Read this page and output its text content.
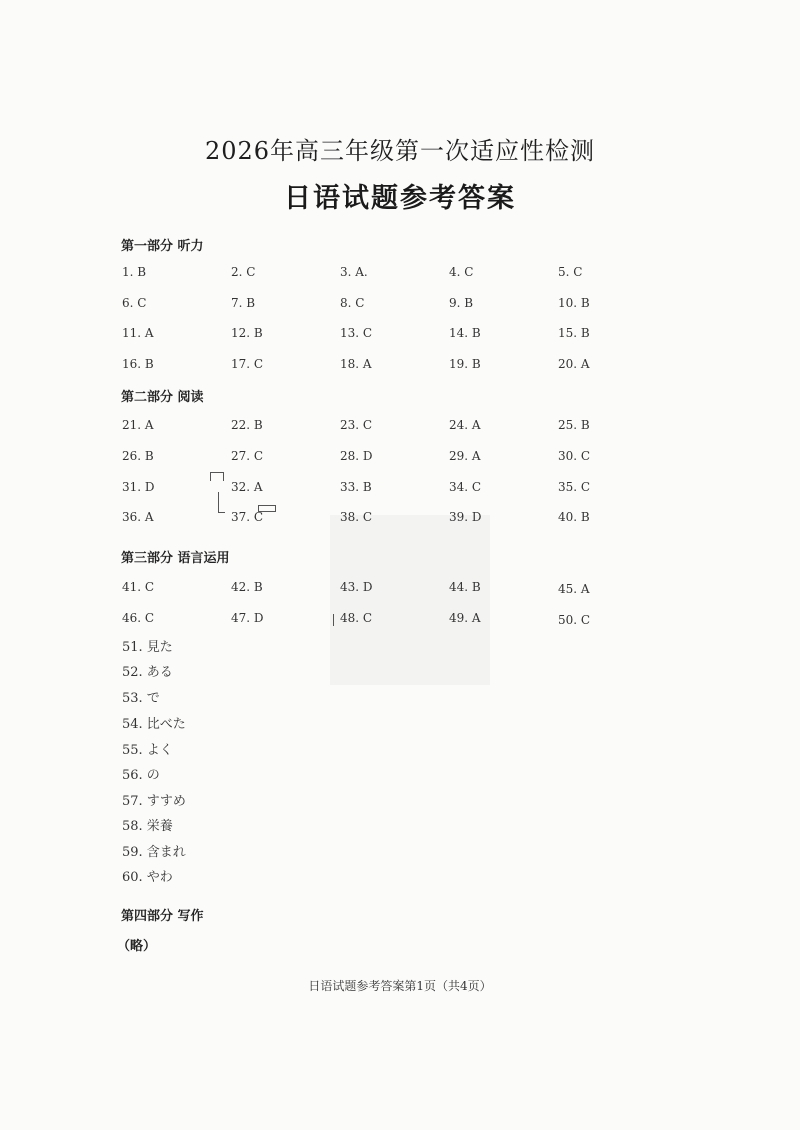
2026年高三年级第一次适应性检测
日语试题参考答案
第一部分 听力
第二部分 阅读
第三部分 语言运用
第四部分 写作
1. B	2. C	3. A.	4. C	5. C
6. C	7. B	8. C	9. B	10. B
11. A	12. B	13. C	14. B	15. B
16. B	17. C	18. A	19. B	20. A
21. A	22. B	23. C	24. A	25. B
26. B	27. C	28. D	29. A	30. C
31. D	32. A	33. B	34. C	35. C
36. A	37. C	38. C	39. D	40. B
41. C	42. B	43. D	44. B	45. A
46. C	47. D	48. C	49. A	50. C
51. 見た
52. ある
53. で
54. 比べた
55. よく
56. の
57. すすめ
58. 栄養
59. 含まれ
60. やわ
（略）
日语试题参考答案第1页（共4页）
